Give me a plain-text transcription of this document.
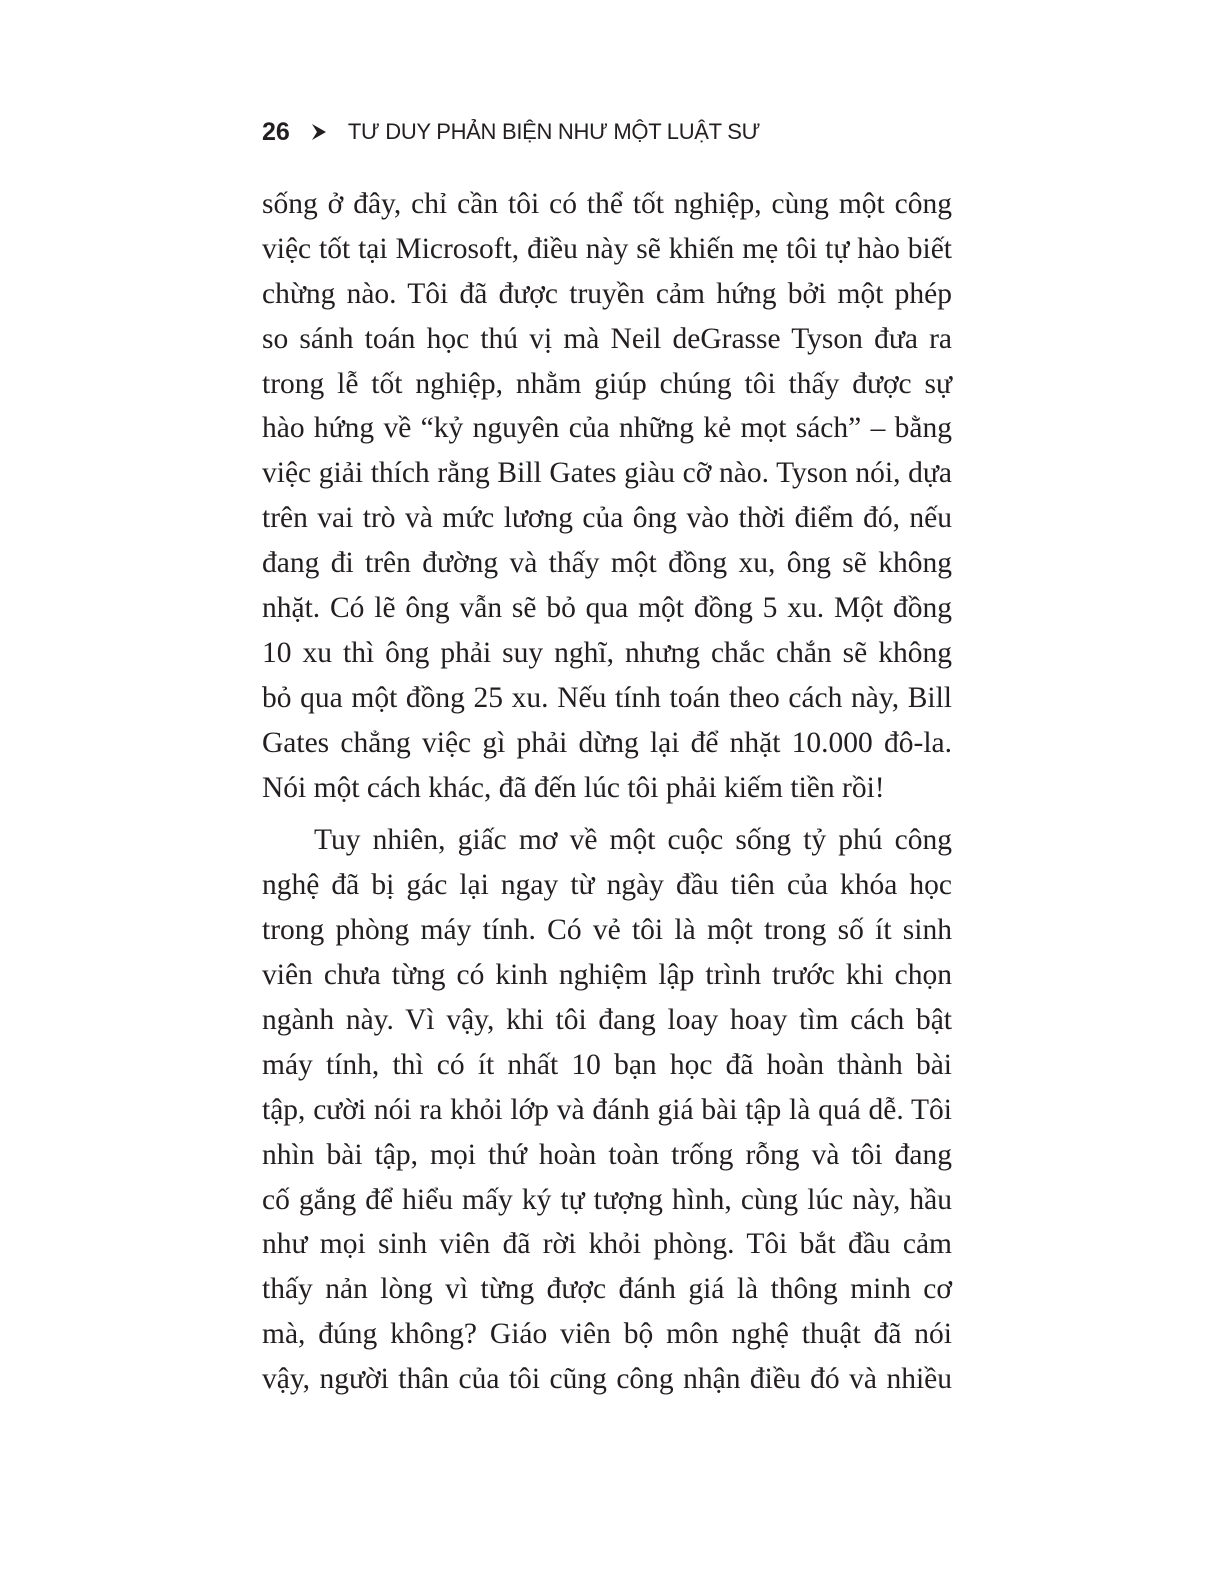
26	TƯ DUY PHẢN BIỆN NHƯ MỘT LUẬT SƯ
sống ở đây, chỉ cần tôi có thể tốt nghiệp, cùng một công
việc tốt tại Microsoft, điều này sẽ khiến mẹ tôi tự hào biết
chừng nào. Tôi đã được truyền cảm hứng bởi một phép
so sánh toán học thú vị mà Neil deGrasse Tyson đưa ra
trong lễ tốt nghiệp, nhằm giúp chúng tôi thấy được sự
hào hứng về “kỷ nguyên của những kẻ mọt sách” – bằng
việc giải thích rằng Bill Gates giàu cỡ nào. Tyson nói, dựa
trên vai trò và mức lương của ông vào thời điểm đó, nếu
đang đi trên đường và thấy một đồng xu, ông sẽ không
nhặt. Có lẽ ông vẫn sẽ bỏ qua một đồng 5 xu. Một đồng
10 xu thì ông phải suy nghĩ, nhưng chắc chắn sẽ không
bỏ qua một đồng 25 xu. Nếu tính toán theo cách này, Bill
Gates chẳng việc gì phải dừng lại để nhặt 10.000 đô-la.
Nói một cách khác, đã đến lúc tôi phải kiếm tiền rồi!
Tuy nhiên, giấc mơ về một cuộc sống tỷ phú công
nghệ đã bị gác lại ngay từ ngày đầu tiên của khóa học
trong phòng máy tính. Có vẻ tôi là một trong số ít sinh
viên chưa từng có kinh nghiệm lập trình trước khi chọn
ngành này. Vì vậy, khi tôi đang loay hoay tìm cách bật
máy tính, thì có ít nhất 10 bạn học đã hoàn thành bài
tập, cười nói ra khỏi lớp và đánh giá bài tập là quá dễ. Tôi
nhìn bài tập, mọi thứ hoàn toàn trống rỗng và tôi đang
cố gắng để hiểu mấy ký tự tượng hình, cùng lúc này, hầu
như mọi sinh viên đã rời khỏi phòng. Tôi bắt đầu cảm
thấy nản lòng vì từng được đánh giá là thông minh cơ
mà, đúng không? Giáo viên bộ môn nghệ thuật đã nói
vậy, người thân của tôi cũng công nhận điều đó và nhiều
